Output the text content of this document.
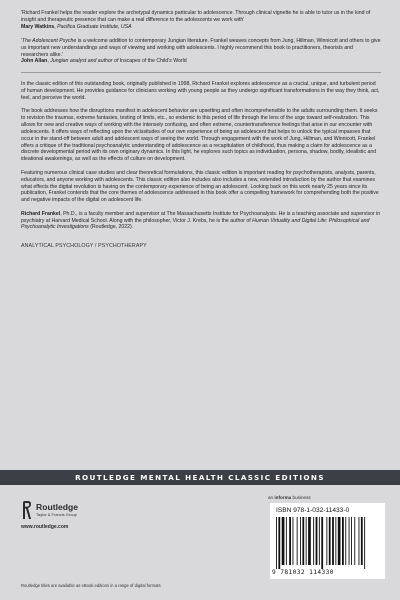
'Richard Frankel helps the reader explore the archetypal dynamics particular to adolescence. Through clinical vignette he is able to tutor us in the kind of insight and therapeutic presence that can make a real difference to the adolescents we work with'

Mary Watkins, Pacifica Graduate Institute, USA

'The Adolescent Psyche is a welcome addition to contemporary Jungian literature. Frankel weaves concepts from Jung, Hillman, Winnicott and others to give us important new understandings and ways of viewing and working with adolescents. I highly recommend this book to practitioners, theorists and researchers alike.'

John Allan, Jungian analyst and author of Inscapes of the Child's World

In the classic edition of this outstanding book, originally published in 1998, Richard Frankel explores adolescence as a crucial, unique, and turbulent period of human development. He provides guidance for clinicians working with young people as they undergo significant transformations in the way they think, act, feel, and perceive the world.

The book addresses how the disruptions manifest in adolescent behavior are upsetting and often incomprehensible to the adults surrounding them. It seeks to revision the traumas, extreme fantasies, testing of limits, etc., so endemic to this period of life through the lens of the urge toward self-realization. This allows for new and creative ways of working with the intensely confusing, and often extreme, countertransference feelings that arise in our encounter with adolescents. It offers ways of reflecting upon the vicissitudes of our own experience of being an adolescent that helps to unlock the typical impasses that occur in the stand-off between adult and adolescent ways of seeing the world. Through engagement with the work of Jung, Hillman, and Winnicott, Frankel offers a critique of the traditional psychoanalytic understanding of adolescence as a recapitulation of childhood, thus making a claim for adolescence as a discrete developmental period with its own originary dynamics. In this light, he explores such topics as individuation, persona, shadow, bodily, idealistic and ideational awakenings, as well as the effects of culture on development.

Featuring numerous clinical case studies and clear theoretical formulations, this classic edition is important reading for psychotherapists, analysts, parents, educators, and anyone working with adolescents. This classic edition also includes also includes a new, extended introduction by the author that examines what effects the digital revolution is having on the contemporary experience of being an adolescent. Looking back on this work nearly 25 years since its publication, Frankel contends that the core themes of adolescence addressed in this book offer a compelling framework for comprehending both the positive and negative impacts of the digital on adolescent life.

Richard Frankel, Ph.D., is a faculty member and supervisor at The Massachusetts Institute for Psychoanalysis. He is a teaching associate and supervisor in psychiatry at Harvard Medical School. Along with the philosopher, Victor J. Krebs, he is the author of Human Virtuality and Digital Life: Philosophical and Psychoanalytic Investigations (Routledge, 2022).

ANALYTICAL PSYCHOLOGY / PSYCHOTHERAPY

ROUTLEDGE MENTAL HEALTH CLASSIC EDITIONS
Routledge
Taylor & Francis Group
www.routledge.com
an informa business
ISBN 978-1-032-11433-0
9 781032 114330
Routledge titles are available as eBook editions in a range of digital formats
